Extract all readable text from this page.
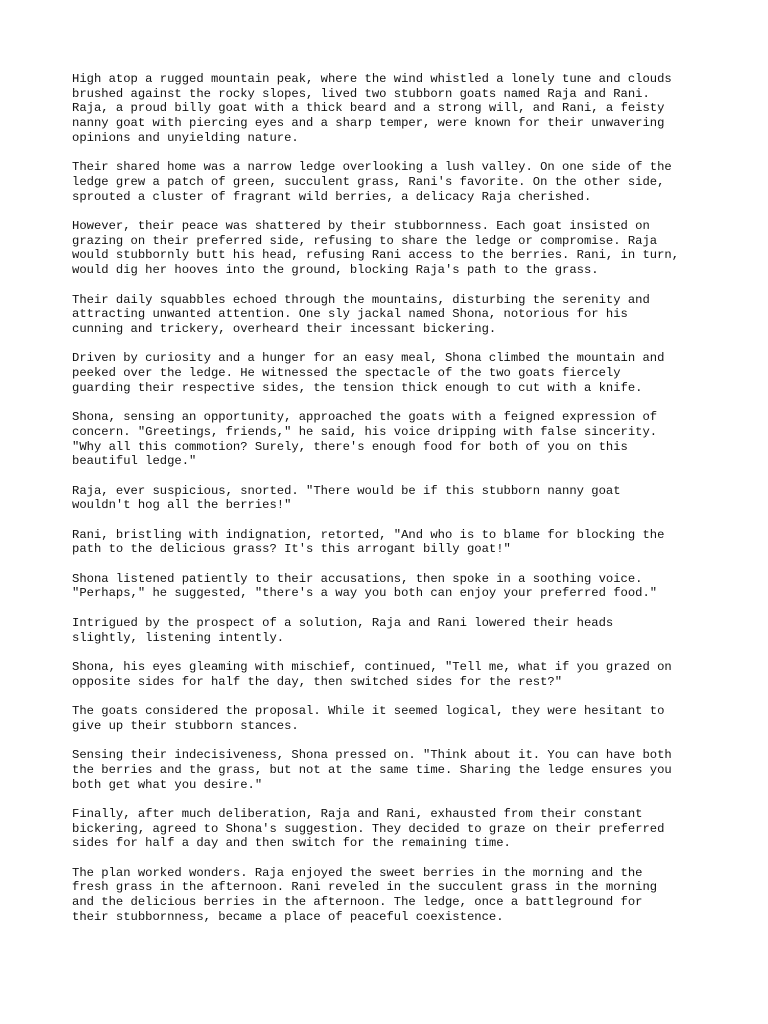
High atop a rugged mountain peak, where the wind whistled a lonely tune and clouds
brushed against the rocky slopes, lived two stubborn goats named Raja and Rani.
Raja, a proud billy goat with a thick beard and a strong will, and Rani, a feisty
nanny goat with piercing eyes and a sharp temper, were known for their unwavering
opinions and unyielding nature.

Their shared home was a narrow ledge overlooking a lush valley. On one side of the
ledge grew a patch of green, succulent grass, Rani's favorite. On the other side,
sprouted a cluster of fragrant wild berries, a delicacy Raja cherished.

However, their peace was shattered by their stubbornness. Each goat insisted on
grazing on their preferred side, refusing to share the ledge or compromise. Raja
would stubbornly butt his head, refusing Rani access to the berries. Rani, in turn,
would dig her hooves into the ground, blocking Raja's path to the grass.

Their daily squabbles echoed through the mountains, disturbing the serenity and
attracting unwanted attention. One sly jackal named Shona, notorious for his
cunning and trickery, overheard their incessant bickering.

Driven by curiosity and a hunger for an easy meal, Shona climbed the mountain and
peeked over the ledge. He witnessed the spectacle of the two goats fiercely
guarding their respective sides, the tension thick enough to cut with a knife.

Shona, sensing an opportunity, approached the goats with a feigned expression of
concern. "Greetings, friends," he said, his voice dripping with false sincerity.
"Why all this commotion? Surely, there's enough food for both of you on this
beautiful ledge."

Raja, ever suspicious, snorted. "There would be if this stubborn nanny goat
wouldn't hog all the berries!"

Rani, bristling with indignation, retorted, "And who is to blame for blocking the
path to the delicious grass? It's this arrogant billy goat!"

Shona listened patiently to their accusations, then spoke in a soothing voice.
"Perhaps," he suggested, "there's a way you both can enjoy your preferred food."

Intrigued by the prospect of a solution, Raja and Rani lowered their heads
slightly, listening intently.

Shona, his eyes gleaming with mischief, continued, "Tell me, what if you grazed on
opposite sides for half the day, then switched sides for the rest?"

The goats considered the proposal. While it seemed logical, they were hesitant to
give up their stubborn stances.

Sensing their indecisiveness, Shona pressed on. "Think about it. You can have both
the berries and the grass, but not at the same time. Sharing the ledge ensures you
both get what you desire."

Finally, after much deliberation, Raja and Rani, exhausted from their constant
bickering, agreed to Shona's suggestion. They decided to graze on their preferred
sides for half a day and then switch for the remaining time.

The plan worked wonders. Raja enjoyed the sweet berries in the morning and the
fresh grass in the afternoon. Rani reveled in the succulent grass in the morning
and the delicious berries in the afternoon. The ledge, once a battleground for
their stubbornness, became a place of peaceful coexistence.
